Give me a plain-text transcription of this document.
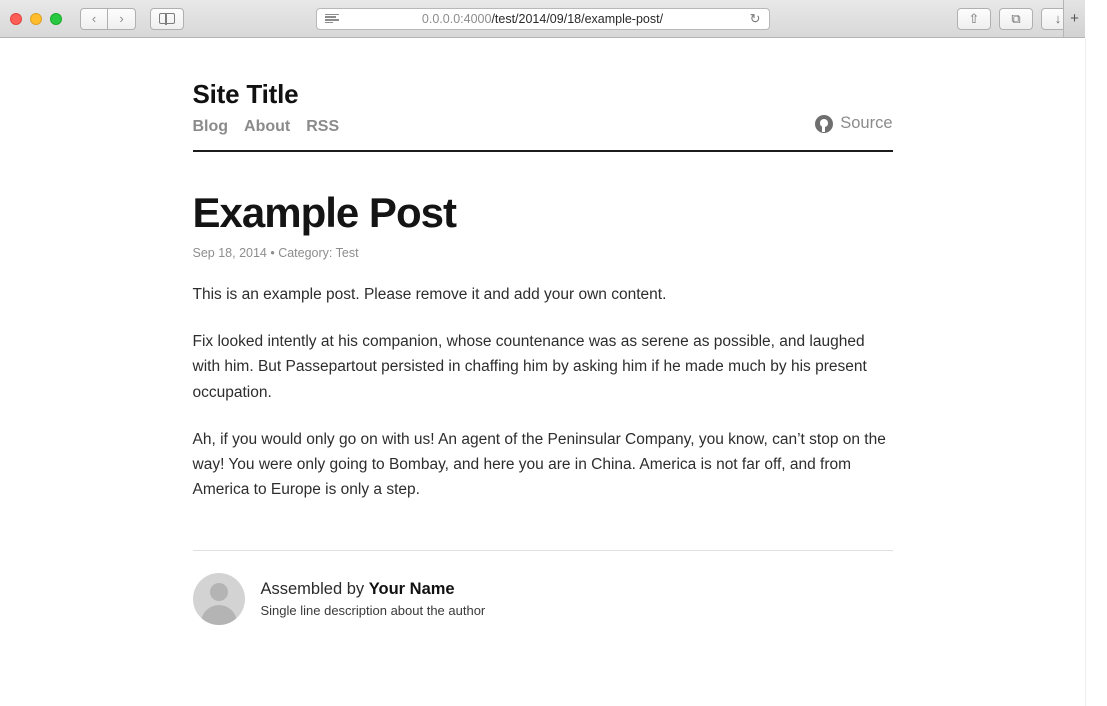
‹	›	0.0.0.0:4000 /test/2014/09/18/example-post/	↻	⇧	⧉	↓ +
Site Title
Blog About RSS	Source
Example Post
Sep 18, 2014 • Category: Test

This is an example post. Please remove it and add your own content.

Fix looked intently at his companion, whose countenance was as serene as possible, and laughed with him. But Passepartout persisted in chaffing him by asking him if he made much by his present occupation.

Ah, if you would only go on with us! An agent of the Peninsular Company, you know, can’t stop on the way! You were only going to Bombay, and here you are in China. America is not far off, and from America to Europe is only a step.

Assembled by Your Name
Single line description about the author
